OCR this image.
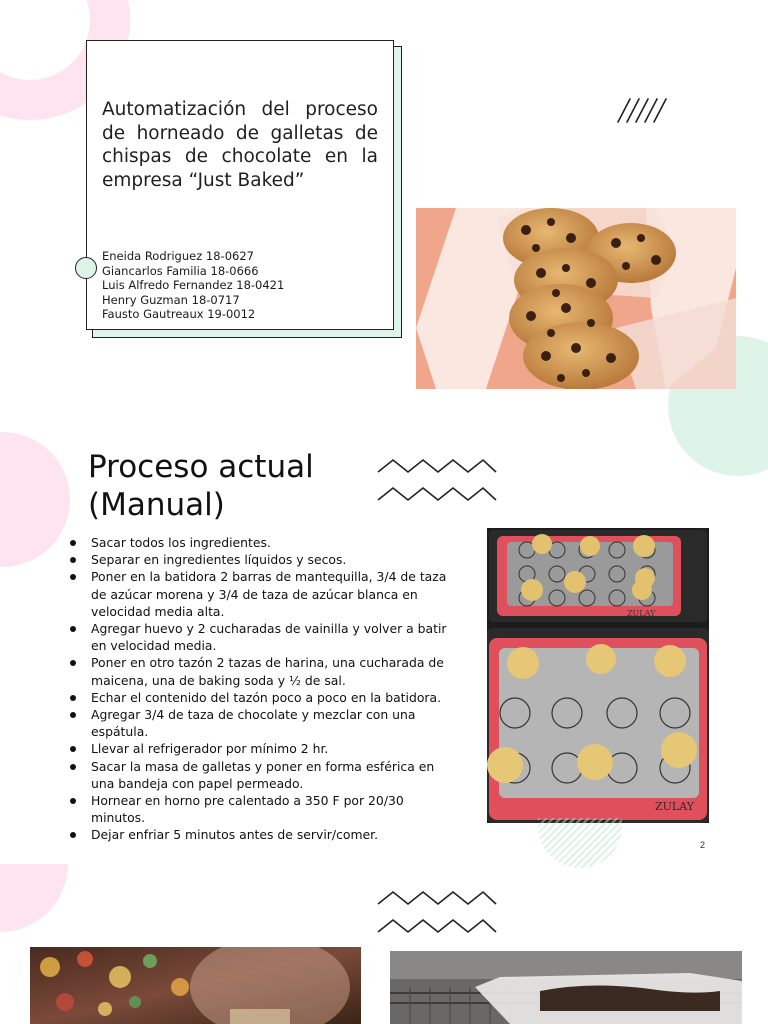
Automatización del proceso de horneado de galletas de chispas de chocolate en la empresa “Just Baked”
Eneida Rodriguez 18-0627
Giancarlos Familia 18-0666
Luis Alfredo Fernandez 18-0421
Henry Guzman 18-0717
Fausto Gautreaux 19-0012
Proceso actual
(Manual)
Sacar todos los ingredientes.
Separar en ingredientes líquidos y secos.
Poner en la batidora 2 barras de mantequilla, 3/4 de taza de azúcar morena y 3/4 de taza de azúcar blanca en velocidad media alta.
Agregar huevo y 2 cucharadas de vainilla y volver a batir en velocidad media.
Poner en otro tazón 2 tazas de harina, una cucharada de maicena, una de baking soda y ½ de sal.
Echar el contenido del tazón poco a poco en la batidora.
Agregar 3/4 de taza de chocolate y mezclar con una espátula.
Llevar al refrigerador por mínimo 2 hr.
Sacar la masa de galletas y poner en forma esférica en una bandeja con papel permeado.
Hornear en horno pre calentado a 350 F por 20/30 minutos.
Dejar enfriar 5 minutos antes de servir/comer.
ZULAY
ZULAY
2
